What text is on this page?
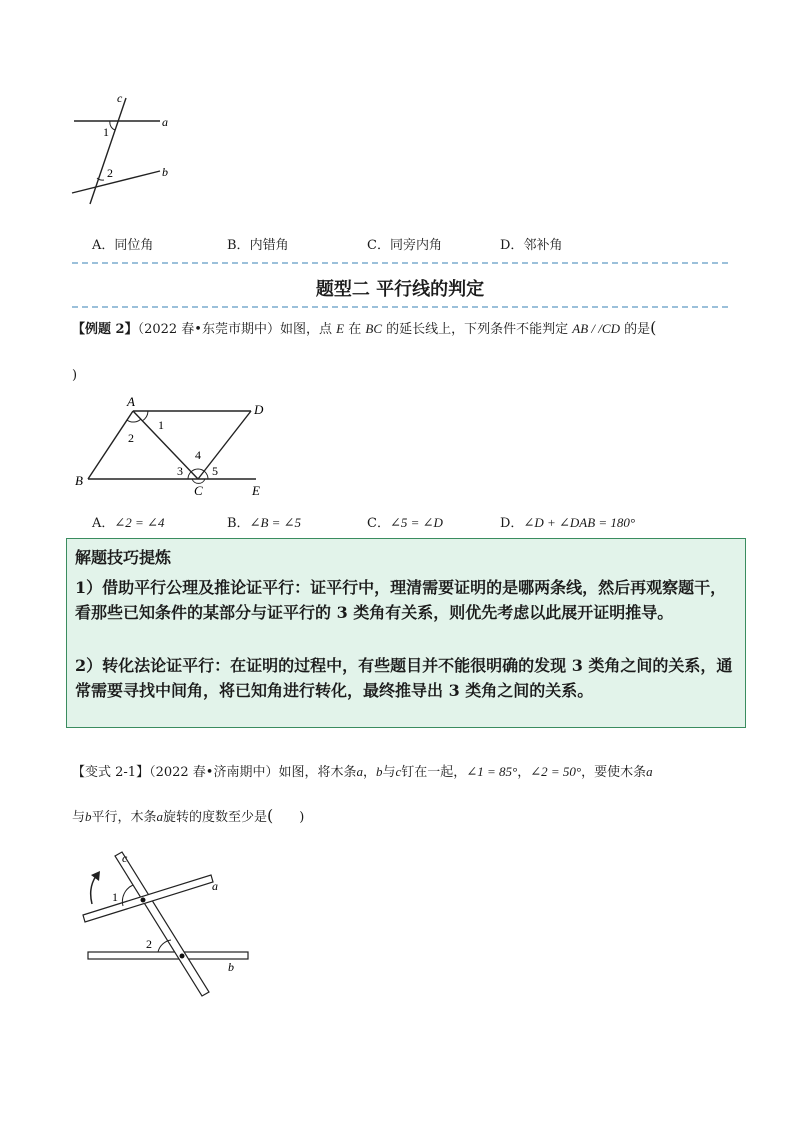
c
a
b
1
2
A．同位角	B．内错角	C．同旁内角	D．邻补角
题型二 平行线的判定
【例题 2】（2022 春•东莞市期中）如图，点 E 在 BC 的延长线上，下列条件不能判定 AB / /CD 的是(
)
A
D
B
C	E
1
2
3
4
5
A．∠2 = ∠4	B．∠B = ∠5	C．∠5 = ∠D	D．∠D + ∠DAB = 180°
解题技巧提炼
1）借助平行公理及推论证平行：证平行中，理清需要证明的是哪两条线，然后再观察题干，看那些已知条件的某部分与证平行的 3 类角有关系，则优先考虑以此展开证明推导。
2）转化法论证平行：在证明的过程中，有些题目并不能很明确的发现 3 类角之间的关系，通常需要寻找中间角，将已知角进行转化，最终推导出 3 类角之间的关系。
【变式 2-1】（2022 春•济南期中）如图，将木条a，b与c钉在一起，∠1 = 85°，∠2 = 50°，要使木条a
与b平行，木条a旋转的度数至少是( )
c
a
b
1
2
